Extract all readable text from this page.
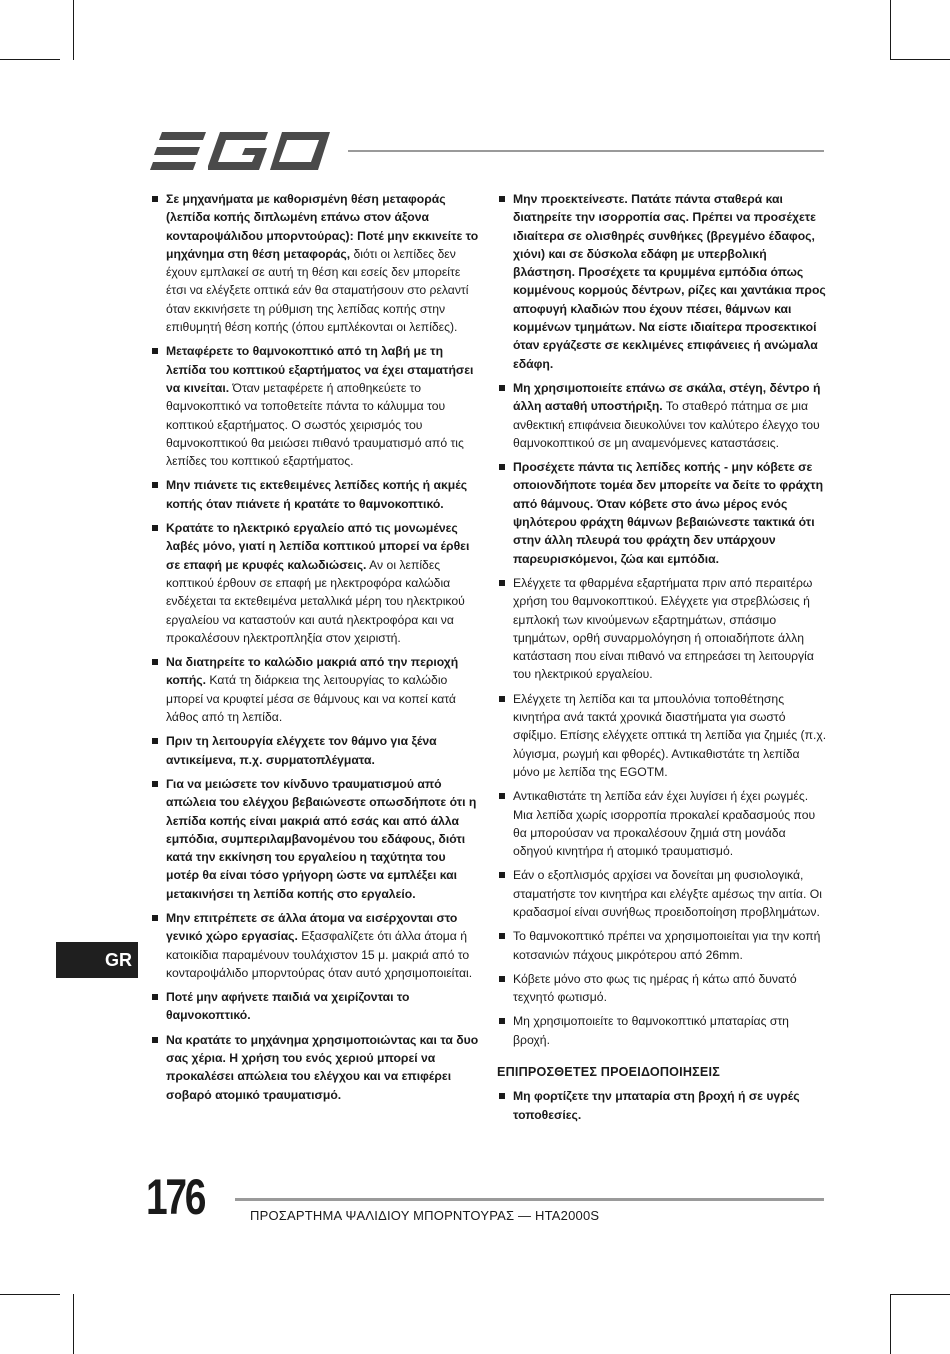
Σε μηχανήματα με καθορισμένη θέση μεταφοράς (λεπίδα κοπής διπλωμένη επάνω στον άξονα κονταροψάλιδου μπορντούρας): Ποτέ μην εκκινείτε το μηχάνημα στη θέση μεταφοράς, διότι οι λεπίδες δεν έχουν εμπλακεί σε αυτή τη θέση και εσείς δεν μπορείτε έτσι να ελέγξετε οπτικά εάν θα σταματήσουν στο ρελαντί όταν εκκινήσετε τη ρύθμιση της λεπίδας κοπής στην επιθυμητή θέση κοπής (όπου εμπλέκονται οι λεπίδες).
Μεταφέρετε το θαμνοκοπτικό από τη λαβή με τη λεπίδα του κοπτικού εξαρτήματος να έχει σταματήσει να κινείται. Όταν μεταφέρετε ή αποθηκεύετε το θαμνοκοπτικό να τοποθετείτε πάντα το κάλυμμα του κοπτικού εξαρτήματος. Ο σωστός χειρισμός του θαμνοκοπτικού θα μειώσει πιθανό τραυματισμό από τις λεπίδες του κοπτικού εξαρτήματος.
Μην πιάνετε τις εκτεθειμένες λεπίδες κοπής ή ακμές κοπής όταν πιάνετε ή κρατάτε το θαμνοκοπτικό.
Κρατάτε το ηλεκτρικό εργαλείο από τις μονωμένες λαβές μόνο, γιατί η λεπίδα κοπτικού μπορεί να έρθει σε επαφή με κρυφές καλωδιώσεις. Αν οι λεπίδες κοπτικού έρθουν σε επαφή με ηλεκτροφόρα καλώδια ενδέχεται τα εκτεθειμένα μεταλλικά μέρη του ηλεκτρικού εργαλείου να καταστούν και αυτά ηλεκτροφόρα και να προκαλέσουν ηλεκτροπληξία στον χειριστή.
Να διατηρείτε το καλώδιο μακριά από την περιοχή κοπής. Κατά τη διάρκεια της λειτουργίας το καλώδιο μπορεί να κρυφτεί μέσα σε θάμνους και να κοπεί κατά λάθος από τη λεπίδα.
Πριν τη λειτουργία ελέγχετε τον θάμνο για ξένα αντικείμενα, π.χ. συρματοπλέγματα.
Για να μειώσετε τον κίνδυνο τραυματισμού από απώλεια του ελέγχου βεβαιώνεστε οπωσδήποτε ότι η λεπίδα κοπής είναι μακριά από εσάς και από άλλα εμπόδια, συμπεριλαμβανομένου του εδάφους, διότι κατά την εκκίνηση του εργαλείου η ταχύτητα του μοτέρ θα είναι τόσο γρήγορη ώστε να εμπλέξει και μετακινήσει τη λεπίδα κοπής στο εργαλείο.
Μην επιτρέπετε σε άλλα άτομα να εισέρχονται στο γενικό χώρο εργασίας. Εξασφαλίζετε ότι άλλα άτομα ή κατοικίδια παραμένουν τουλάχιστον 15 μ. μακριά από το κονταροψάλιδο μπορντούρας όταν αυτό χρησιμοποιείται.
Ποτέ μην αφήνετε παιδιά να χειρίζονται το θαμνοκοπτικό.
Να κρατάτε το μηχάνημα χρησιμοποιώντας και τα δυο σας χέρια. Η χρήση του ενός χεριού μπορεί να προκαλέσει απώλεια του ελέγχου και να επιφέρει σοβαρό ατομικό τραυματισμό.
Μην προεκτείνεστε. Πατάτε πάντα σταθερά και διατηρείτε την ισορροπία σας. Πρέπει να προσέχετε ιδιαίτερα σε ολισθηρές συνθήκες (βρεγμένο έδαφος, χιόνι) και σε δύσκολα εδάφη με υπερβολική βλάστηση. Προσέχετε τα κρυμμένα εμπόδια όπως κομμένους κορμούς δέντρων, ρίζες και χαντάκια προς αποφυγή κλαδιών που έχουν πέσει, θάμνων και κομμένων τμημάτων. Να είστε ιδιαίτερα προσεκτικοί όταν εργάζεστε σε κεκλιμένες επιφάνειες ή ανώμαλα εδάφη.
Μη χρησιμοποιείτε επάνω σε σκάλα, στέγη, δέντρο ή άλλη ασταθή υποστήριξη. Το σταθερό πάτημα σε μια ανθεκτική επιφάνεια διευκολύνει τον καλύτερο έλεγχο του θαμνοκοπτικού σε μη αναμενόμενες καταστάσεις.
Προσέχετε πάντα τις λεπίδες κοπής - μην κόβετε σε οποιονδήποτε τομέα δεν μπορείτε να δείτε το φράχτη από θάμνους. Όταν κόβετε στο άνω μέρος ενός ψηλότερου φράχτη θάμνων βεβαιώνεστε τακτικά ότι στην άλλη πλευρά του φράχτη δεν υπάρχουν παρευρισκόμενοι, ζώα και εμπόδια.
Ελέγχετε τα φθαρμένα εξαρτήματα πριν από περαιτέρω χρήση του θαμνοκοπτικού. Ελέγχετε για στρεβλώσεις ή εμπλοκή των κινούμενων εξαρτημάτων, σπάσιμο τμημάτων, ορθή συναρμολόγηση ή οποιαδήποτε άλλη κατάσταση που είναι πιθανό να επηρεάσει τη λειτουργία του ηλεκτρικού εργαλείου.
Ελέγχετε τη λεπίδα και τα μπουλόνια τοποθέτησης κινητήρα ανά τακτά χρονικά διαστήματα για σωστό σφίξιμο. Επίσης ελέγχετε οπτικά τη λεπίδα για ζημιές (π.χ. λύγισμα, ρωγμή και φθορές). Αντικαθιστάτε τη λεπίδα μόνο με λεπίδα της EGOTM.
Αντικαθιστάτε τη λεπίδα εάν έχει λυγίσει ή έχει ρωγμές. Μια λεπίδα χωρίς ισορροπία προκαλεί κραδασμούς που θα μπορούσαν να προκαλέσουν ζημιά στη μονάδα οδηγού κινητήρα ή ατομικό τραυματισμό.
Εάν ο εξοπλισμός αρχίσει να δονείται μη φυσιολογικά, σταματήστε τον κινητήρα και ελέγξτε αμέσως την αιτία. Οι κραδασμοί είναι συνήθως προειδοποίηση προβλημάτων.
Το θαμνοκοπτικό πρέπει να χρησιμοποιείται για την κοπή κοτσανιών πάχους μικρότερου από 26mm.
Κόβετε μόνο στο φως τις ημέρας ή κάτω από δυνατό τεχνητό φωτισμό.
Μη χρησιμοποιείτε το θαμνοκοπτικό μπαταρίας στη βροχή.
ΕΠΙΠΡΟΣΘΕΤΕΣ ΠΡΟΕΙΔΟΠΟΙΗΣΕΙΣ
Μη φορτίζετε την μπαταρία στη βροχή ή σε υγρές τοποθεσίες.
GR
176	ΠΡΟΣΑΡΤΗΜΑ ΨΑΛΙΔΙΟΥ ΜΠΟΡΝΤΟΥΡΑΣ — HTA2000S
